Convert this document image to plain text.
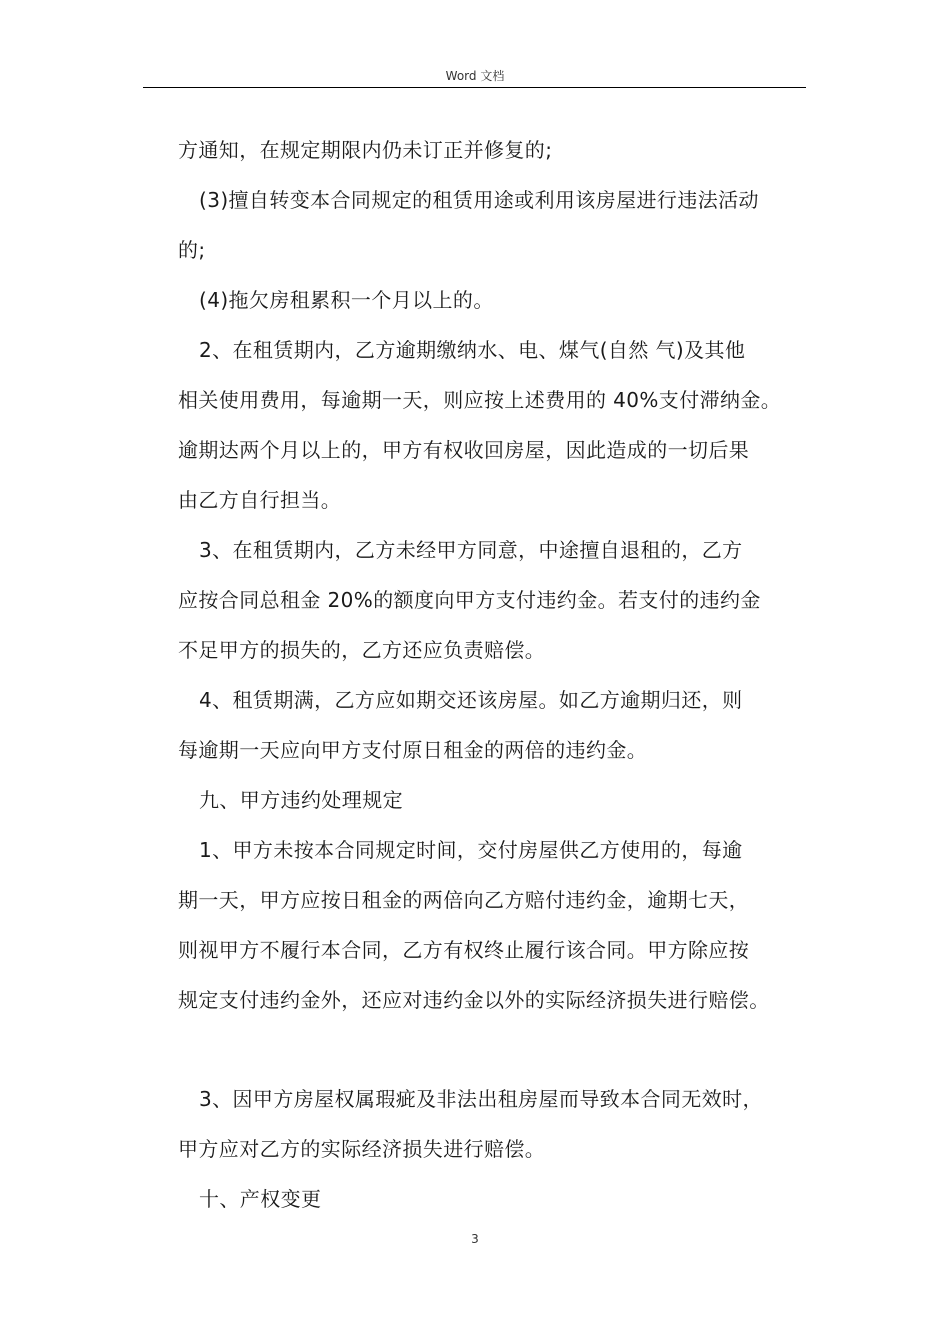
Word 文档
方通知，在规定期限内仍未订正并修复的;
(3)擅自转变本合同规定的租赁用途或利用该房屋进行违法活动
的;
(4)拖欠房租累积一个月以上的。
2、在租赁期内，乙方逾期缴纳水、电、煤气(自然 气)及其他
相关使用费用，每逾期一天，则应按上述费用的 40%支付滞纳金。
逾期达两个月以上的，甲方有权收回房屋，因此造成的一切后果
由乙方自行担当。
3、在租赁期内，乙方未经甲方同意，中途擅自退租的，乙方
应按合同总租金 20%的额度向甲方支付违约金。若支付的违约金
不足甲方的损失的，乙方还应负责赔偿。
4、租赁期满，乙方应如期交还该房屋。如乙方逾期归还，则
每逾期一天应向甲方支付原日租金的两倍的违约金。
九、甲方违约处理规定
1、甲方未按本合同规定时间，交付房屋供乙方使用的，每逾
期一天，甲方应按日租金的两倍向乙方赔付违约金，逾期七天，
则视甲方不履行本合同，乙方有权终止履行该合同。甲方除应按
规定支付违约金外，还应对违约金以外的实际经济损失进行赔偿。
3、因甲方房屋权属瑕疵及非法出租房屋而导致本合同无效时，
甲方应对乙方的实际经济损失进行赔偿。
十、产权变更
3
